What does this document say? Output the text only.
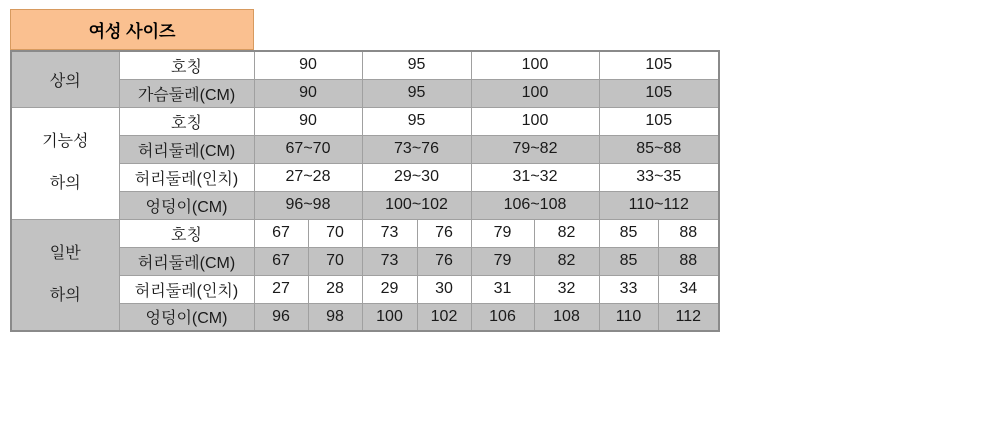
여성 사이즈
상의	호칭	90		95		100		105	
	가슴둘레(CM)	90		95		100		105	

기능성
하의	호칭	90		95		100		105	
	허리둘레(CM)	67~70		73~76		79~82		85~88	
	허리둘레(인치)	27~28		29~30		31~32		33~35	
	엉덩이(CM)	96~98		100~102		106~108		110~112	

일반
하의	호칭	67	70	73	76	79	82	85	88
	허리둘레(CM)	67	70	73	76	79	82	85	88
	허리둘레(인치)	27	28	29	30	31	32	33	34
	엉덩이(CM)	96	98	100	102	106	108	110	112
